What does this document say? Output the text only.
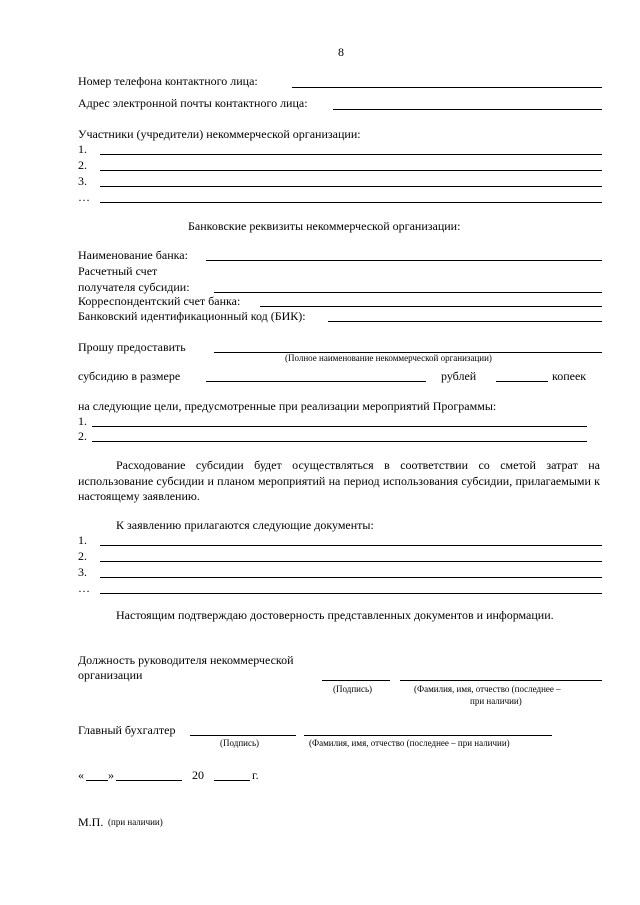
8
Номер телефона контактного лица:
Адрес электронной почты контактного лица:
Участники (учредители) некоммерческой организации:
1.
2.
3.
…
Банковские реквизиты некоммерческой организации:
Наименование банка:
Расчетный счет
получателя субсидии:
Корреспондентский счет банка:
Банковский идентификационный код (БИК):
Прошу предоставить
(Полное наименование некоммерческой организации)
субсидию в размере	рублей	копеек
на следующие цели, предусмотренные при реализации мероприятий Программы:
1.
2.
Расходование субсидии будет осуществляться в соответствии со сметой затрат на использование субсидии и планом мероприятий на период использования субсидии, прилагаемыми к настоящему заявлению.
К заявлению прилагаются следующие документы:
1.
2.
3.
…
Настоящим подтверждаю достоверность представленных документов и информации.
Должность руководителя некоммерческой
организации
(Подпись)	(Фамилия, имя, отчество (последнее –
при наличии)
Главный бухгалтер
(Подпись)	(Фамилия, имя, отчество (последнее – при наличии)
« »	20	г.
М.П. (при наличии)
